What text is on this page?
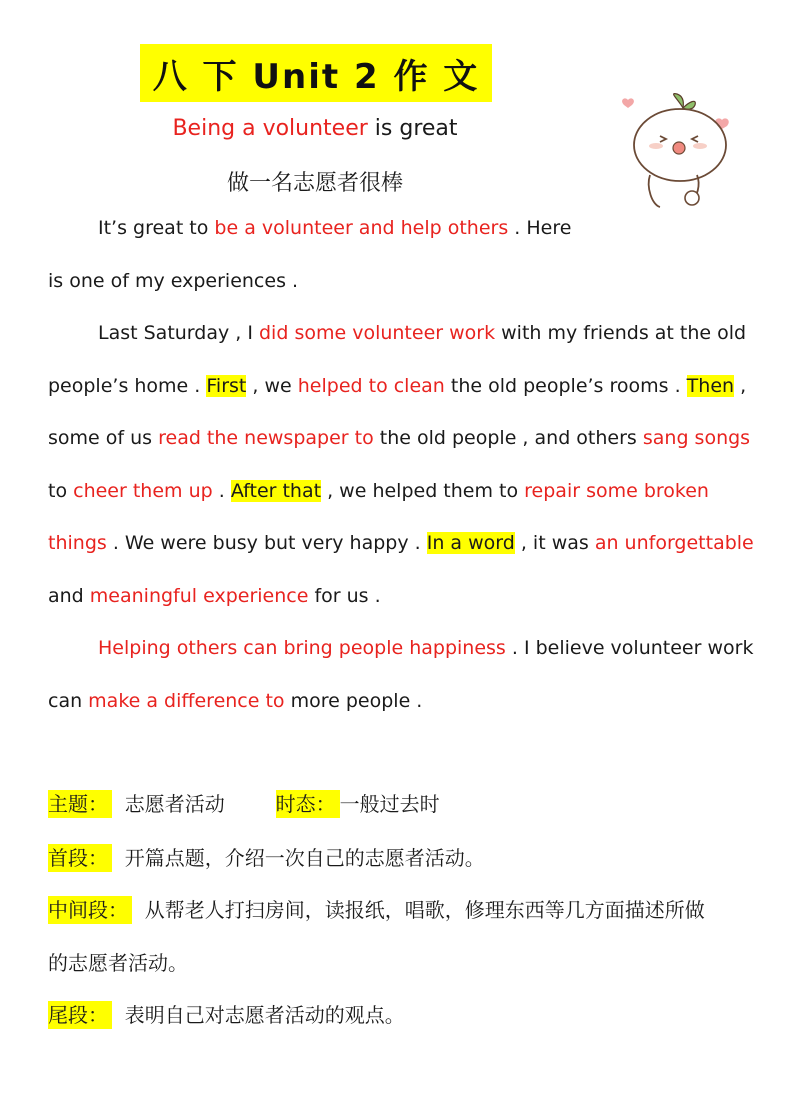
八 下 Unit 2 作 文
Being a volunteer is great
做一名志愿者很棒
It’s great to be a volunteer and help others . Here
is one of my experiences .
Last Saturday , I did some volunteer work with my friends at the old
people’s home . First , we helped to clean the old people’s rooms . Then ,
some of us read the newspaper to the old people , and others sang songs
to cheer them up . After that , we helped them to repair some broken
things . We were busy but very happy . In a word , it was an unforgettable
and meaningful experience for us .
Helping others can bring people happiness . I believe volunteer work
can make a difference to more people .
主题： 志愿者活动	时态： 一般过去时
首段： 开篇点题，介绍一次自己的志愿者活动。
中间段： 从帮老人打扫房间，读报纸，唱歌，修理东西等几方面描述所做
的志愿者活动。
尾段： 表明自己对志愿者活动的观点。
